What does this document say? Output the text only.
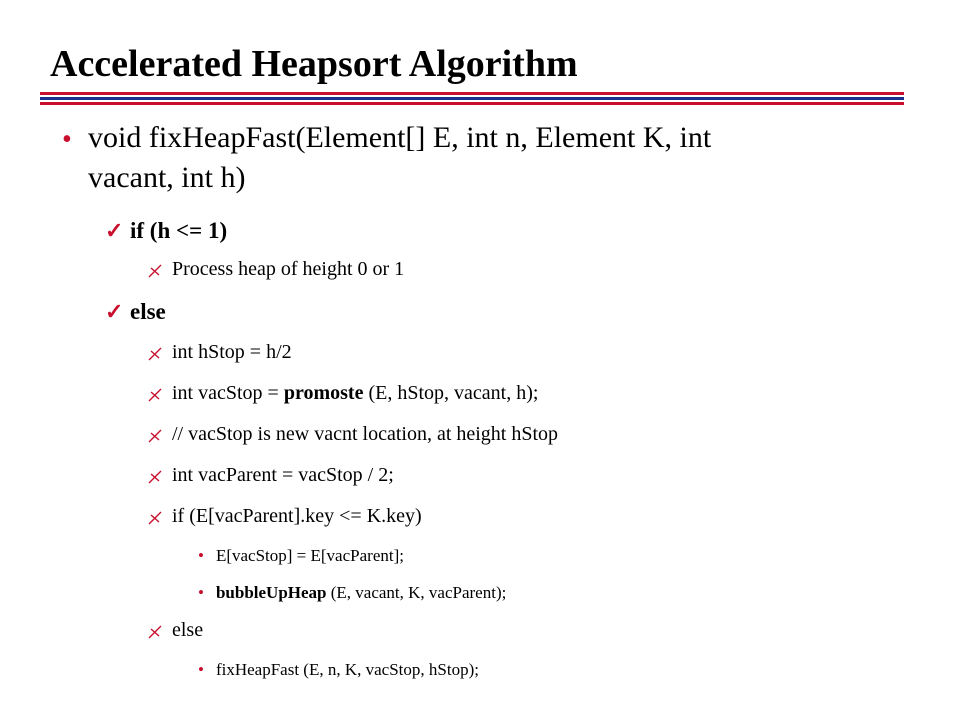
Accelerated Heapsort Algorithm
• void fixHeapFast(Element[] E, int n, Element K, int
vacant, int h)
✓ if (h <= 1)
Process heap of height 0 or 1
✓ else
int hStop = h/2
int vacStop = promoste (E, hStop, vacant, h);
// vacStop is new vacnt location, at height hStop
int vacParent = vacStop / 2;
if (E[vacParent].key <= K.key)
• E[vacStop] = E[vacParent];
• bubbleUpHeap (E, vacant, K, vacParent);
else
• fixHeapFast (E, n, K, vacStop, hStop);
